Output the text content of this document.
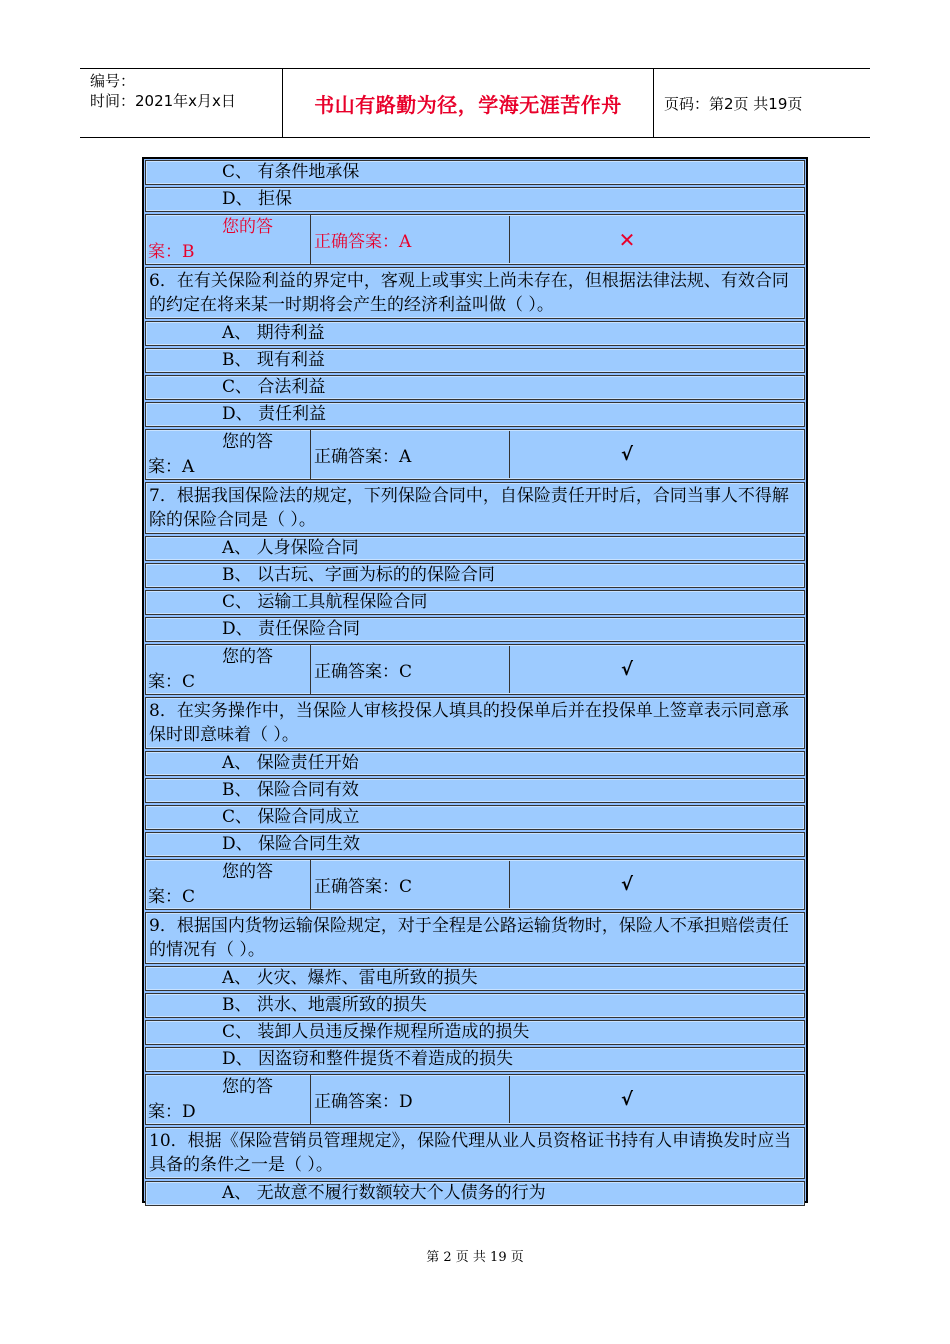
编号：
时间：2021年x月x日	书山有路勤为径，学海无涯苦作舟	页码：第2页 共19页
C、 有条件地承保
D、 拒保
您的答
案：B	正确答案：A	✕
6．在有关保险利益的界定中，客观上或事实上尚未存在，但根据法律法规、有效合同的约定在将来某一时期将会产生的经济利益叫做（ ）。
A、 期待利益
B、 现有利益
C、 合法利益
D、 责任利益
您的答
案：A	正确答案：A	√
7．根据我国保险法的规定，下列保险合同中，自保险责任开时后，合同当事人不得解除的保险合同是（ ）。
A、 人身保险合同
B、 以古玩、字画为标的的保险合同
C、 运输工具航程保险合同
D、 责任保险合同
您的答
案：C	正确答案：C	√
8．在实务操作中，当保险人审核投保人填具的投保单后并在投保单上签章表示同意承保时即意味着（ ）。
A、 保险责任开始
B、 保险合同有效
C、 保险合同成立
D、 保险合同生效
您的答
案：C	正确答案：C	√
9．根据国内货物运输保险规定，对于全程是公路运输货物时，保险人不承担赔偿责任的情况有（ ）。
A、 火灾、爆炸、雷电所致的损失
B、 洪水、地震所致的损失
C、 装卸人员违反操作规程所造成的损失
D、 因盗窃和整件提货不着造成的损失
您的答
案：D	正确答案：D	√
10．根据《保险营销员管理规定》，保险代理从业人员资格证书持有人申请换发时应当具备的条件之一是（ ）。
A、 无故意不履行数额较大个人债务的行为
第 2 页 共 19 页
